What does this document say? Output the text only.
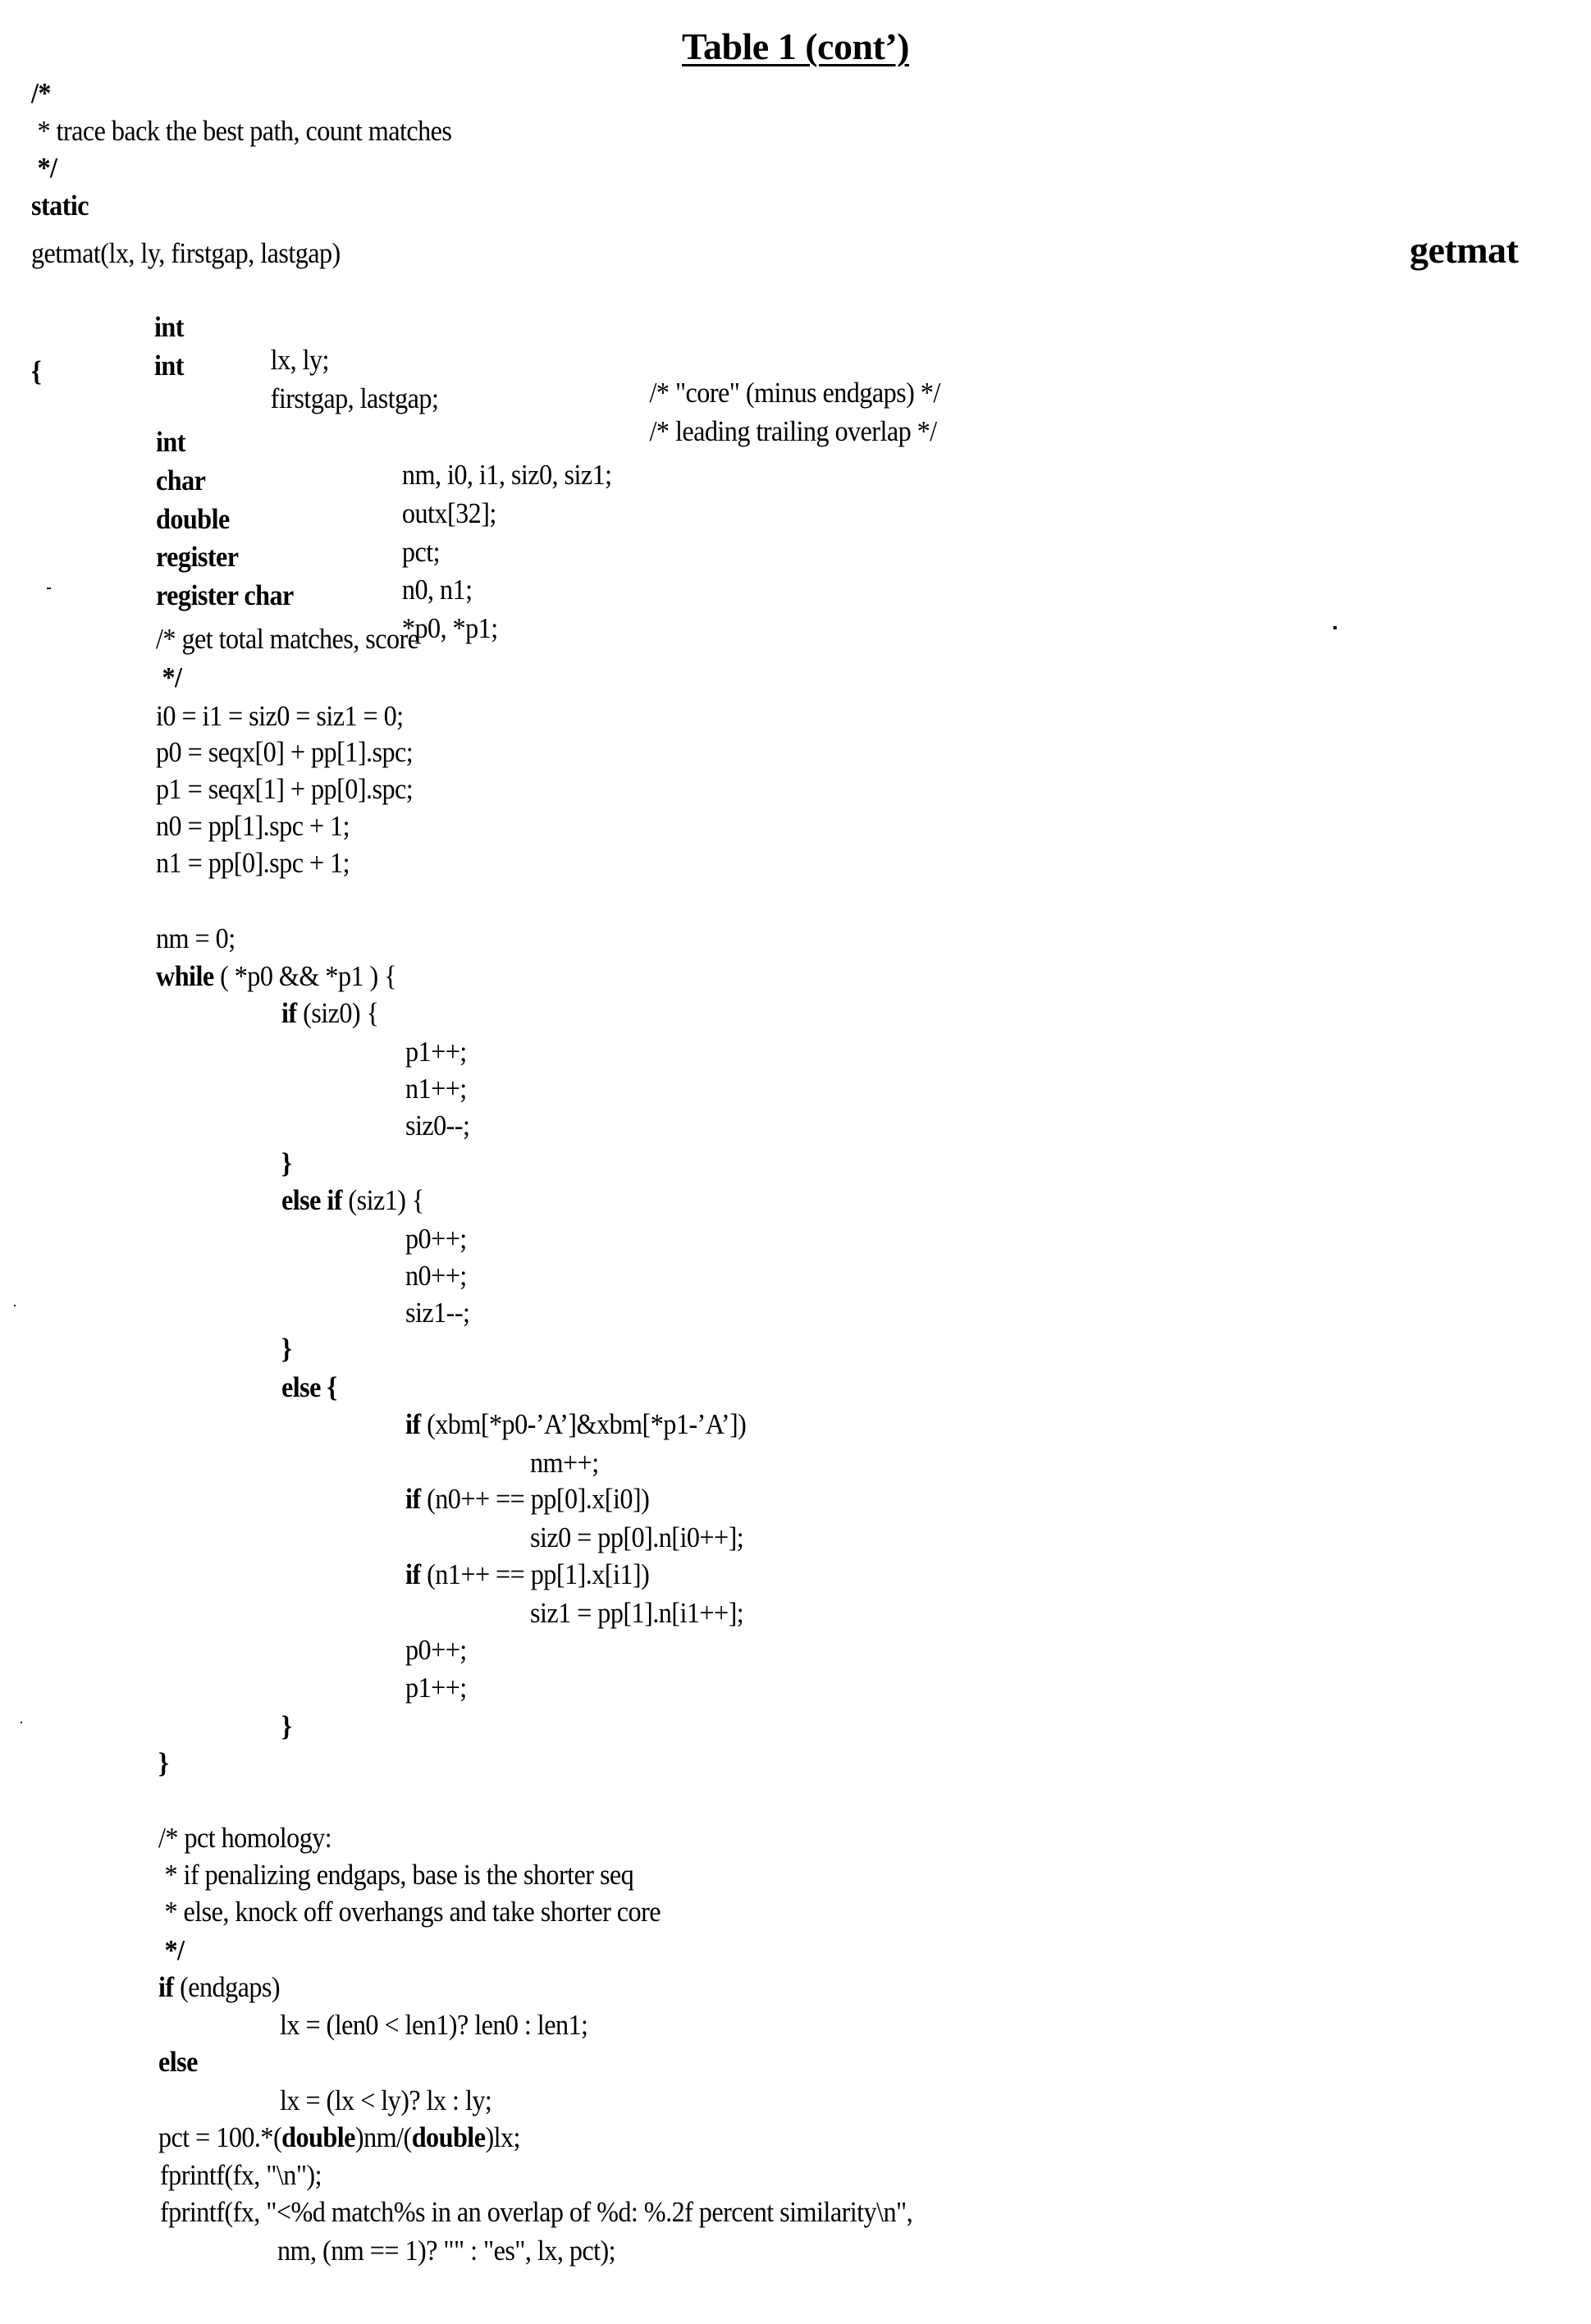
Table 1 (cont’)
getmat
/*
* trace back the best path, count matches
*/
static
getmat(lx, ly, firstgap, lastgap)

int

lx, ly;

/* "core" (minus endgaps) */

int

firstgap, lastgap;

/* leading trailing overlap */

{

int

nm, i0, i1, siz0, siz1;

char

outx[32];

double

pct;

register

n0, n1;

register char

*p0, *p1;

/* get total matches, score
*/
i0 = i1 = siz0 = siz1 = 0;
p0 = seqx[0] + pp[1].spc;
p1 = seqx[1] + pp[0].spc;
n0 = pp[1].spc + 1;
n1 = pp[0].spc + 1;
nm = 0;
while ( *p0 && *p1 ) {
if (siz0) {
p1++;
n1++;
siz0--;
}
else if (siz1) {
p0++;
n0++;
siz1--;
}
else {
if (xbm[*p0-’A’]&xbm[*p1-’A’])
nm++;
if (n0++ == pp[0].x[i0])
siz0 = pp[0].n[i0++];
if (n1++ == pp[1].x[i1])
siz1 = pp[1].n[i1++];
p0++;
p1++;
}
}
/* pct homology:
* if penalizing endgaps, base is the shorter seq
* else, knock off overhangs and take shorter core
*/
if (endgaps)
lx = (len0 < len1)? len0 : len1;
else
lx = (lx < ly)? lx : ly;
pct = 100.*(double)nm/(double)lx;
fprintf(fx, "\n");
fprintf(fx, "<%d match%s in an overlap of %d: %.2f percent similarity\n",
nm, (nm == 1)? "" : "es", lx, pct);
